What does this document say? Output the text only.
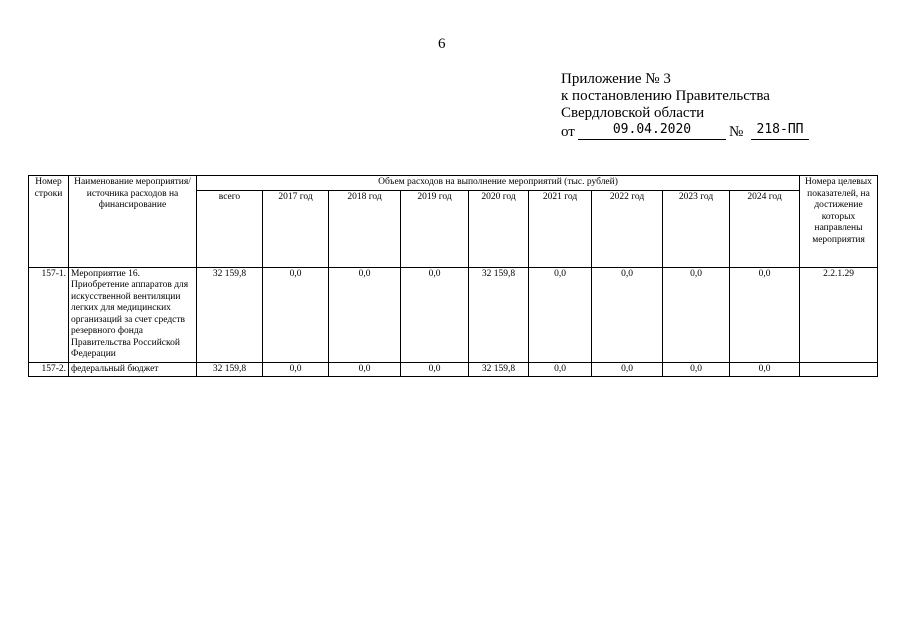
6
Приложение № 3
к постановлению Правительства
Свердловской области
от	09.04.2020	№	218-ПП
Номер строки	Наименование мероприятия/ источника расходов на финансирование	Объем расходов на выполнение мероприятий (тыс. рублей)									Номера целевых показателей, на достижение которых направлены мероприятия
		всего	2017 год	2018 год	2019 год	2020 год	2021 год	2022 год	2023 год	2024 год	
157-1.	Мероприятие 16. Приобретение аппаратов для искусственной вентиляции легких для медицинских организаций за счет средств резервного фонда Правительства Российской Федерации	32 159,8	0,0	0,0	0,0	32 159,8	0,0	0,0	0,0	0,0	2.2.1.29
157-2.	федеральный бюджет	32 159,8	0,0	0,0	0,0	32 159,8	0,0	0,0	0,0	0,0	
